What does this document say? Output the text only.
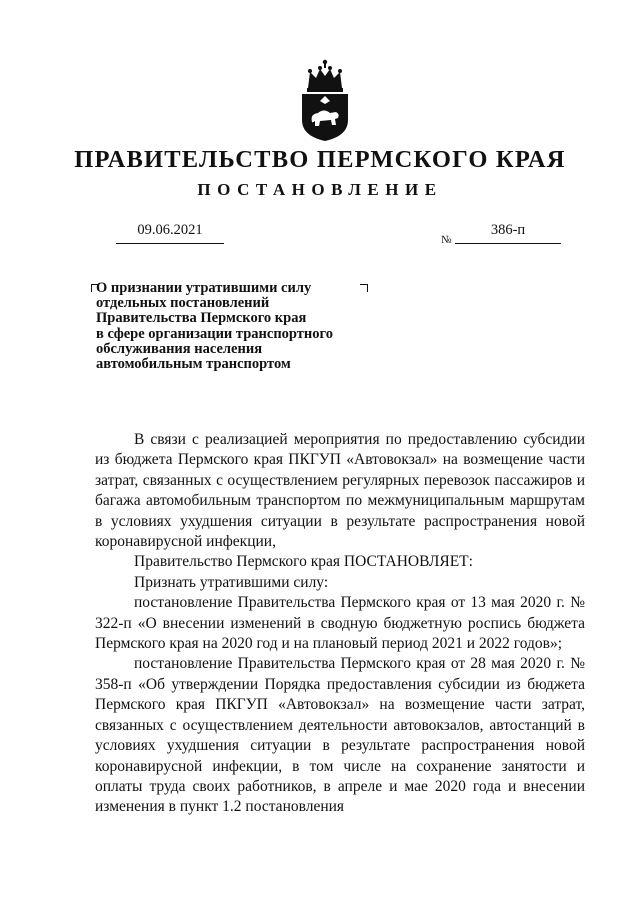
ПРАВИТЕЛЬСТВО ПЕРМСКОГО КРАЯ
ПОСТАНОВЛЕНИЕ
09.06.2021
№
386-п
О признании утратившими силу
отдельных постановлений
Правительства Пермского края
в сфере организации транспортного
обслуживания населения
автомобильным транспортом

В связи с реализацией мероприятия по предоставлению субсидии из бюджета Пермского края ПКГУП «Автовокзал» на возмещение части затрат, связанных с осуществлением регулярных перевозок пассажиров и багажа автомобильным транспортом по межмуниципальным маршрутам в условиях ухудшения ситуации в результате распространения новой коронавирусной инфекции,

Правительство Пермского края ПОСТАНОВЛЯЕТ:

Признать утратившими силу:

постановление Правительства Пермского края от 13 мая 2020 г. № 322-п «О внесении изменений в сводную бюджетную роспись бюджета Пермского края на 2020 год и на плановый период 2021 и 2022 годов»;

постановление Правительства Пермского края от 28 мая 2020 г. № 358-п «Об утверждении Порядка предоставления субсидии из бюджета Пермского края ПКГУП «Автовокзал» на возмещение части затрат, связанных с осуществлением деятельности автовокзалов, автостанций в условиях ухудшения ситуации в результате распространения новой коронавирусной инфекции, в том числе на сохранение занятости и оплаты труда своих работников, в апреле и мае 2020 года и внесении изменения в пункт 1.2 постановления
